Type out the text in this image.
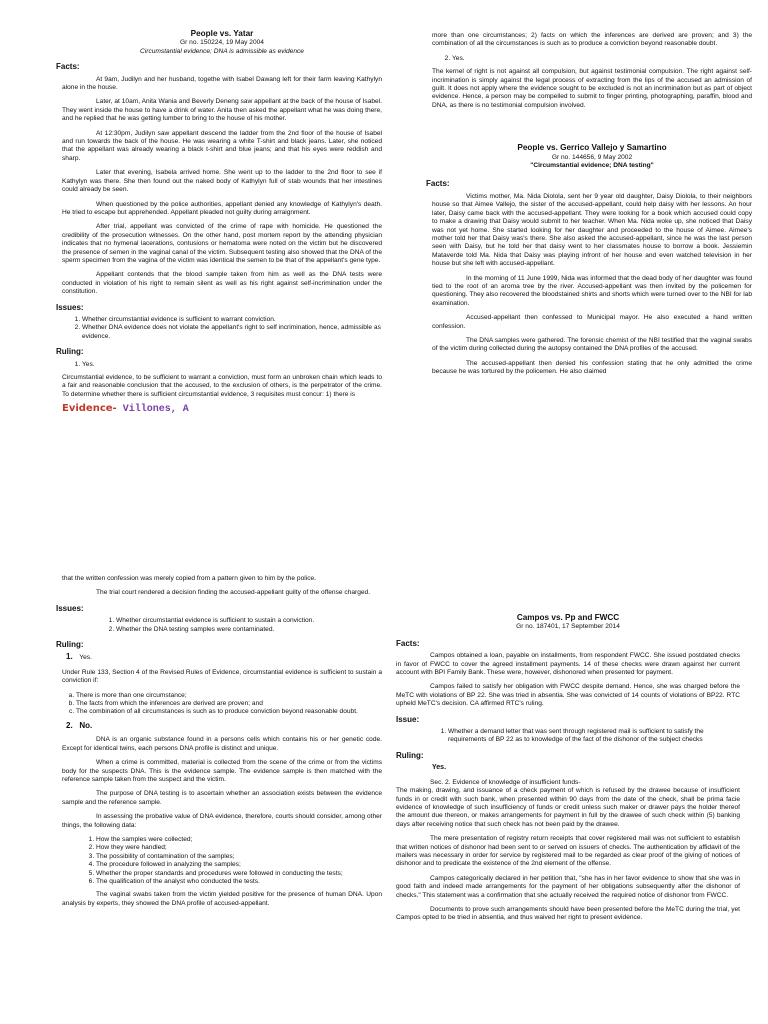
People vs. Yatar
Gr no. 150224, 19 May 2004
Circumstantial evidence; DNA is admissible as evidence
Facts:

At 9am, Judilyn and her husband, togethe with Isabel Dawang left for their farm leaving Kathylyn alone in the house.

Later, at 10am, Anita Wania and Beverly Deneng saw appellant at the back of the house of Isabel. They went inside the house to have a drink of water. Anita then asked the appellant what he was doing there, and he replied that he was getting lumber to bring to the house of his mother.

At 12:30pm, Judilyn saw appellant descend the ladder from the 2nd floor of the house of Isabel and run towards the back of the house. He was wearing a white T-shirt and black jeans. Later, she noticed that the appellant was already wearing a black t-shirt and blue jeans; and that his eyes were reddish and sharp.

Later that evening, Isabela arrived home. She went up to the ladder to the 2nd floor to see if Kathylyn was there. She then found out the naked body of Kathylyn full of stab wounds that her intestines could already be seen.

When questioned by the police authorities, appellant denied any knowledge of Kathylyn's death. He tried to escape but apprehended. Appellant pleaded not guilty during arraignment.

After trial, appellant was convicted of the crime of rape with homicide. He questioned the credibility of the prosecution witnesses. On the other hand, post mortem report by the attending physician indicates that no hymenal lacerations, contusions or hematoma were noted on the victim but he discovered the presence of semen in the vaginal canal of the victim. Subsequent testing also showed that the DNA of the sperm specimen from the vagina of the victim was identical the semen to be that of the appellant's gene type.

Appellant contends that the blood sample taken from him as well as the DNA tests were conducted in violation of his right to remain silent as well as his right against self-incrimination under the constitution.

Issues:
1. Whether circumstantial evidence is sufficient to warrant conviction.
2. Whether DNA evidence does not violate the appellant's right to self incrimination, hence, admissible as evidence.
Ruling:
1. Yes.

Circumstantial evidence, to be sufficient to warrant a conviction, must form an unbroken chain which leads to a fair and reasonable conclusion that the accused, to the exclusion of others, is the perpetrator of the crime. To determine whether there is sufficient circumstantial evidence, 3 requisites must concur: 1) there is

Evidence- Villones, A

more than one circumstances; 2) facts on which the inferences are derived are proven; and 3) the combination of all the circumstances is such as to produce a conviction beyond reasonable doubt.

2. Yes.

The kernel of right is not against all compulsion, but against testimonial compulsion. The right against self- incrimination is simply against the legal process of extracting from the lips of the accused an admission of guilt. It does not apply where the evidence sought to be excluded is not an incrimination but as part of object evidence. Hence, a person may be compelled to submit to finger printing, photographing, paraffin, blood and DNA, as there is no testimonial compulsion involved.

People vs. Gerrico Vallejo y Samartino
Gr no. 144656, 9 May 2002
"Circumstantial evidence; DNA testing"
Facts:

Victims mother, Ma. Nida Diolola, sent her 9 year old daughter, Daisy Diolola, to their neighbors house so that Aimee Vallejo, the sister of the accused-appellant, could help daisy with her lessons. An hour later, Daisy came back with the accused-appellant. They were looking for a book which accused could copy to make a drawing that Daisy would submit to her teacher. When Ma. Nida woke up, she noticed that Daisy was not yet home. She started looking for her daughter and proceeded to the house of Aimee. Aimee's mother told her that Daisy was's there. She also asked the accused-appellant, since he was the last person seen with Daisy, but he told her that daisy went to her classmates house to borrow a book. Jessiemin Mataverde told Ma. Nida that Daisy was playing infront of her house and even watched television in her house but she left with accused-appellant.

In the morning of 11 June 1999, Nida was informed that the dead body of her daughter was found tied to the root of an aroma tree by the river. Accused-appellant was then invited by the policemen for questioning. They also recovered the bloodstained shirts and shorts which were turned over to the NBI for lab examination.

Accused-appellant then confessed to Municipal mayor. He also executed a hand written confession.

The DNA samples were gathered. The forensic chemist of the NBI testified that the vaginal swabs of the victim during collected during the autopsy contained the DNA profiles of the accused.

The accused-appellant then denied his confession stating that he only admitted the crime because he was tortured by the policemen. He also claimed

that the written confession was merely copied from a pattern given to him by the police.

The trial court rendered a decision finding the accused-appellant guilty of the offense charged.

Issues:
1. Whether circumstantial evidence is sufficient to sustain a conviction.
2. Whether the DNA testing samples were contaminated.
Ruling:
1. Yes.

Under Rule 133, Section 4 of the Revised Rules of Evidence, circumstantial evidence is sufficient to sustain a conviction if:

a. There is more than one circumstance;
b. The facts from which the inferences are derived are proven; and
c. The combination of all circumstances is such as to produce conviction beyond reasonable doubt.
2. No.

DNA is an organic substance found in a persons cells which contains his or her genetic code. Except for identical twins, each persons DNA profile is distinct and unique.

When a crime is committed, material is collected from the scene of the crime or from the victims body for the suspects DNA. This is the evidence sample. The evidence sample is then matched with the reference sample taken from the suspect and the victim.

The purpose of DNA testing is to ascertain whether an association exists between the evidence sample and the reference sample.

In assessing the probative value of DNA evidence, therefore, courts should consider, among other things, the following data:

1. How the samples were collected;
2. How they were handled;
3. The possibility of contamination of the samples;
4. The procedure followed in analyzing the samples;
5. Whether the proper standards and procedures were followed in conducting the tests;
6. The qualification of the analyst who conducted the tests.

The vaginal swabs taken from the victim yielded positive for the presence of human DNA. Upon analysis by experts, they showed the DNA profile of accused-appellant.

Campos vs. Pp and FWCC
Gr no. 187401, 17 September 2014
Facts:

Campos obtained a loan, payable on installments, from respondent FWCC. She issued postdated checks in favor of FWCC to cover the agreed installment payments. 14 of these checks were drawn against her current account with BPI Family Bank. These were, however, dishonored when presented for payment.

Campos failed to satisfy her obligation with FWCC despite demand. Hence, she was charged before the MeTC with violations of BP 22. She was tried in absentia. She was convicted of 14 counts of violations of BP22. RTC upheld MeTC's decision. CA affirmed RTC's ruling.

Issue:
1. Whether a demand letter that was sent through registered mail is sufficient to satisfy the requirements of BP 22 as to knowledge of the fact of the dishonor of the subject checks
Ruling:
Yes.

Sec. 2. Evidence of knowledge of insufficient funds-

The making, drawing, and issuance of a check payment of which is refused by the drawee because of insufficient funds in or credit with such bank, when presented within 90 days from the date of the check, shall be prima facie evidence of knowledge of such insufficiency of funds or credit unless such maker or drawer pays the holder thereof the amount due thereon, or makes arrangements for payment in full by the drawee of such check within (5) banking days after receiving notice that such check has not been paid by the drawee.

The mere presentation of registry return receipts that cover registered mail was not sufficient to establish that written notices of dishonor had been sent to or served on issuers of checks. The authentication by affidavit of the mailers was necessary in order for service by registered mail to be regarded as clear proof of the giving of notices of dishonor and to predicate the existence of the 2nd element of the offense.

Campos categorically declared in her petition that, "she has in her favor evidence to show that she was in good faith and indeed made arrangements for the payment of her obligations subsequently after the dishonor of checks." This statement was a confirmation that she actually received the required notice of dishonor from FWCC.

Documents to prove such arrangements should have been presented before the MeTC during the trial, yet Campos opted to be tried in absentia, and thus waived her right to present evidence.
